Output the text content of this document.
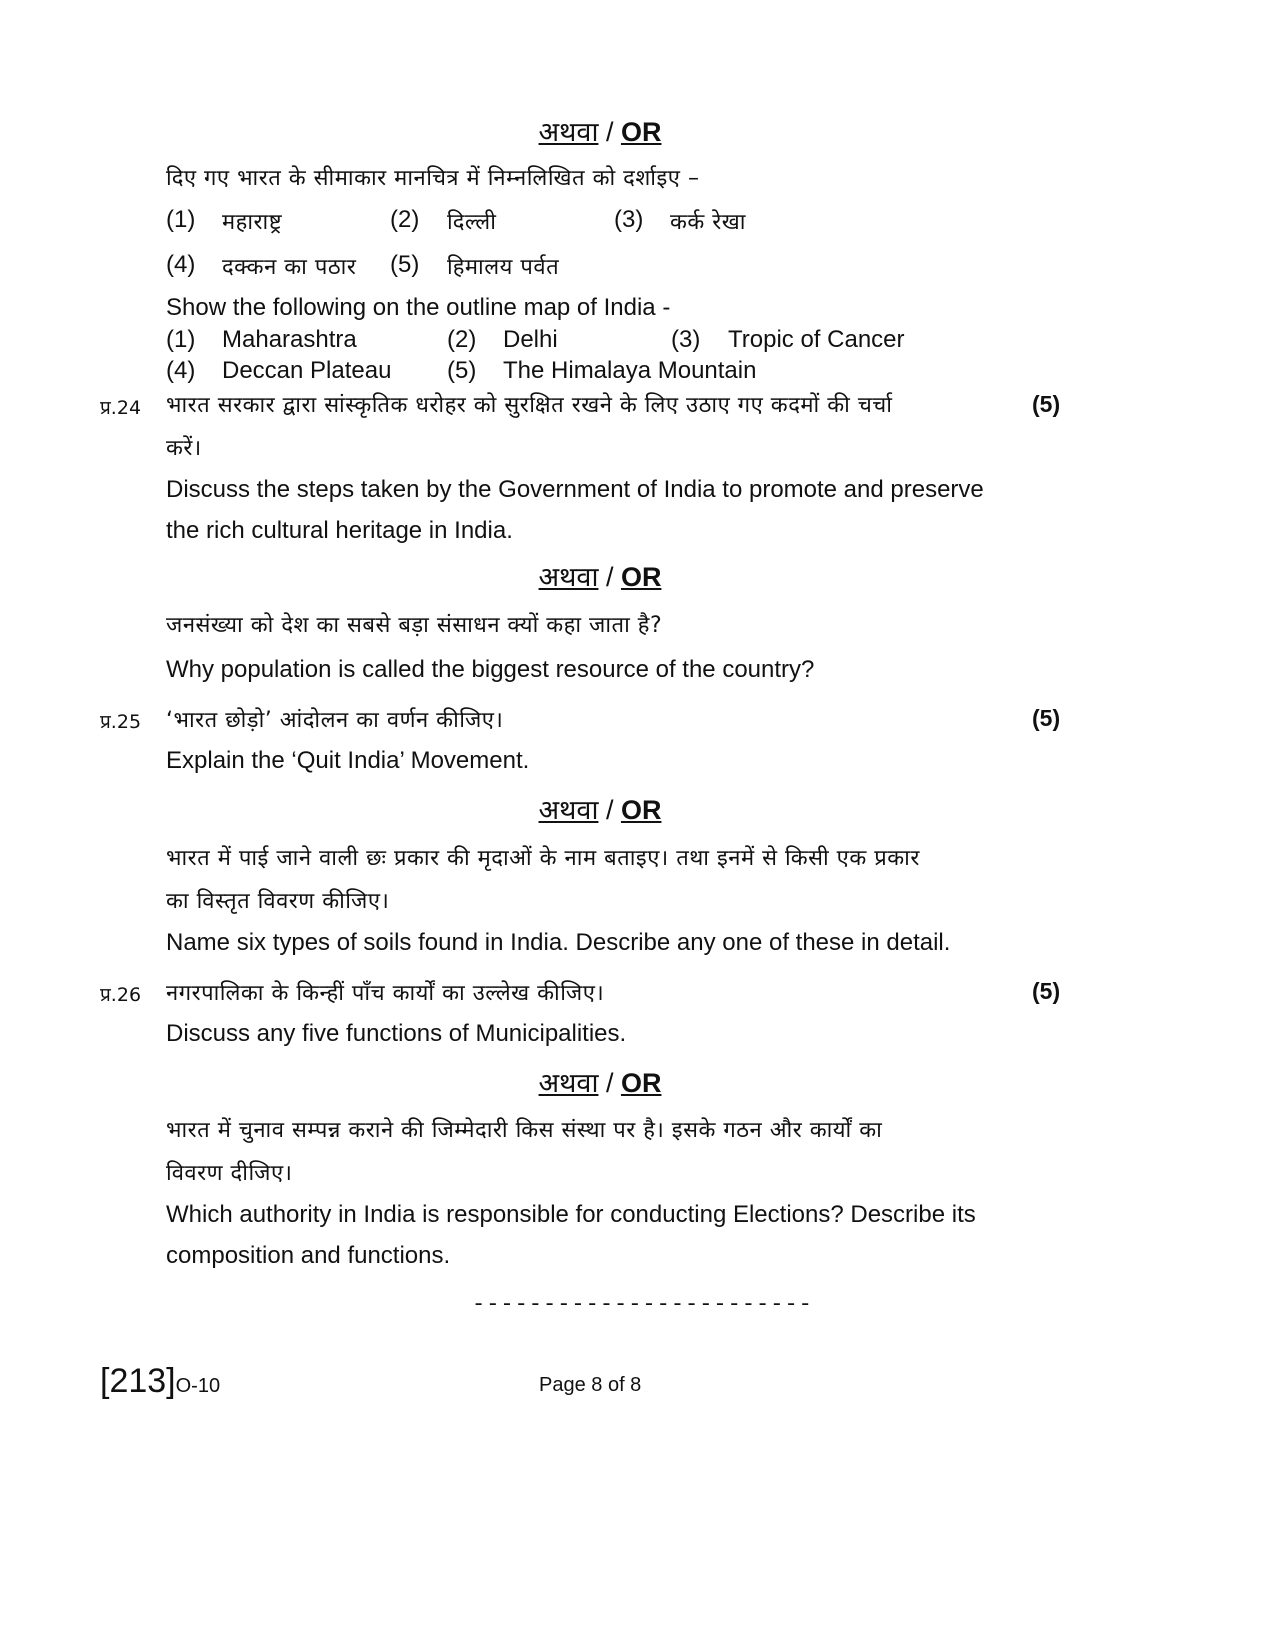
अथवा / OR
दिए गए भारत के सीमाकार मानचित्र में निम्नलिखित को दर्शाइए –
(1) महाराष्ट्र	(2) दिल्ली	(3) कर्क रेखा
(4) दक्कन का पठार (5) हिमालय पर्वत
Show the following on the outline map of India -
(1) Maharashtra	(2) Delhi	(3) Tropic of Cancer
(4) Deccan Plateau (5) The Himalaya Mountain
प्र.24 भारत सरकार द्वारा सांस्कृतिक धरोहर को सुरक्षित रखने के लिए उठाए गए कदमों की चर्चा	(5)
करें।
Discuss the steps taken by the Government of India to promote and preserve
the rich cultural heritage in India.
अथवा / OR
जनसंख्या को देश का सबसे बड़ा संसाधन क्यों कहा जाता है?
Why population is called the biggest resource of the country?
प्र.25 ‘भारत छोड़ो’ आंदोलन का वर्णन कीजिए।	(5)
Explain the ‘Quit India’ Movement.
अथवा / OR
भारत में पाई जाने वाली छः प्रकार की मृदाओं के नाम बताइए। तथा इनमें से किसी एक प्रकार
का विस्तृत विवरण कीजिए।
Name six types of soils found in India. Describe any one of these in detail.
प्र.26 नगरपालिका के किन्हीं पाँच कार्यों का उल्लेख कीजिए।	(5)
Discuss any five functions of Municipalities.
अथवा / OR
भारत में चुनाव सम्पन्न कराने की जिम्मेदारी किस संस्था पर है। इसके गठन और कार्यों का
विवरण दीजिए।
Which authority in India is responsible for conducting Elections? Describe its
composition and functions.
------------------------
[213]O-10	Page 8 of 8
